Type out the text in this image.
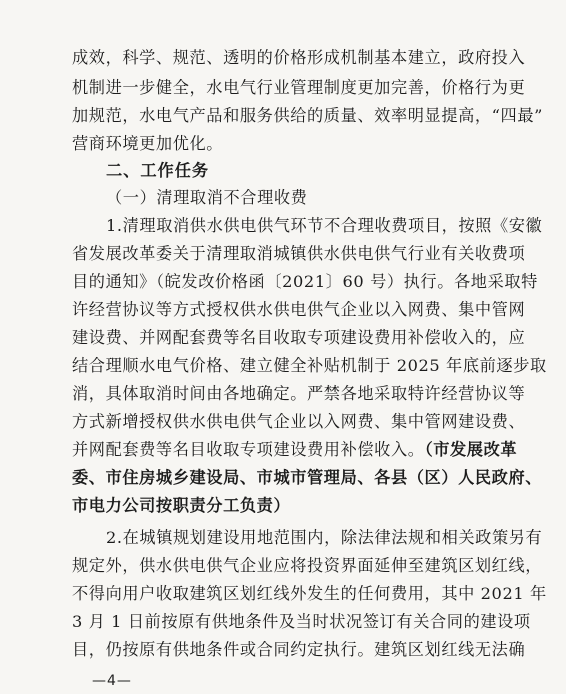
成效，科学、规范、透明的价格形成机制基本建立，政府投入
机制进一步健全，水电气行业管理制度更加完善，价格行为更
加规范，水电气产品和服务供给的质量、效率明显提高，“四最”
营商环境更加优化。
二、工作任务
（一）清理取消不合理收费
1.清理取消供水供电供气环节不合理收费项目，按照《安徽
省发展改革委关于清理取消城镇供水供电供气行业有关收费项
目的通知》（皖发改价格函〔2021〕60 号）执行。各地采取特
许经营协议等方式授权供水供电供气企业以入网费、集中管网
建设费、并网配套费等名目收取专项建设费用补偿收入的，应
结合理顺水电气价格、建立健全补贴机制于 2025 年底前逐步取
消，具体取消时间由各地确定。严禁各地采取特许经营协议等
方式新增授权供水供电供气企业以入网费、集中管网建设费、
并网配套费等名目收取专项建设费用补偿收入。（市发展改革
委、市住房城乡建设局、市城市管理局、各县（区）人民政府、
市电力公司按职责分工负责）
2.在城镇规划建设用地范围内，除法律法规和相关政策另有
规定外，供水供电供气企业应将投资界面延伸至建筑区划红线，
不得向用户收取建筑区划红线外发生的任何费用，其中 2021 年
3 月 1 日前按原有供地条件及当时状况签订有关合同的建设项
目，仍按原有供地条件或合同约定执行。建筑区划红线无法确
—4—
